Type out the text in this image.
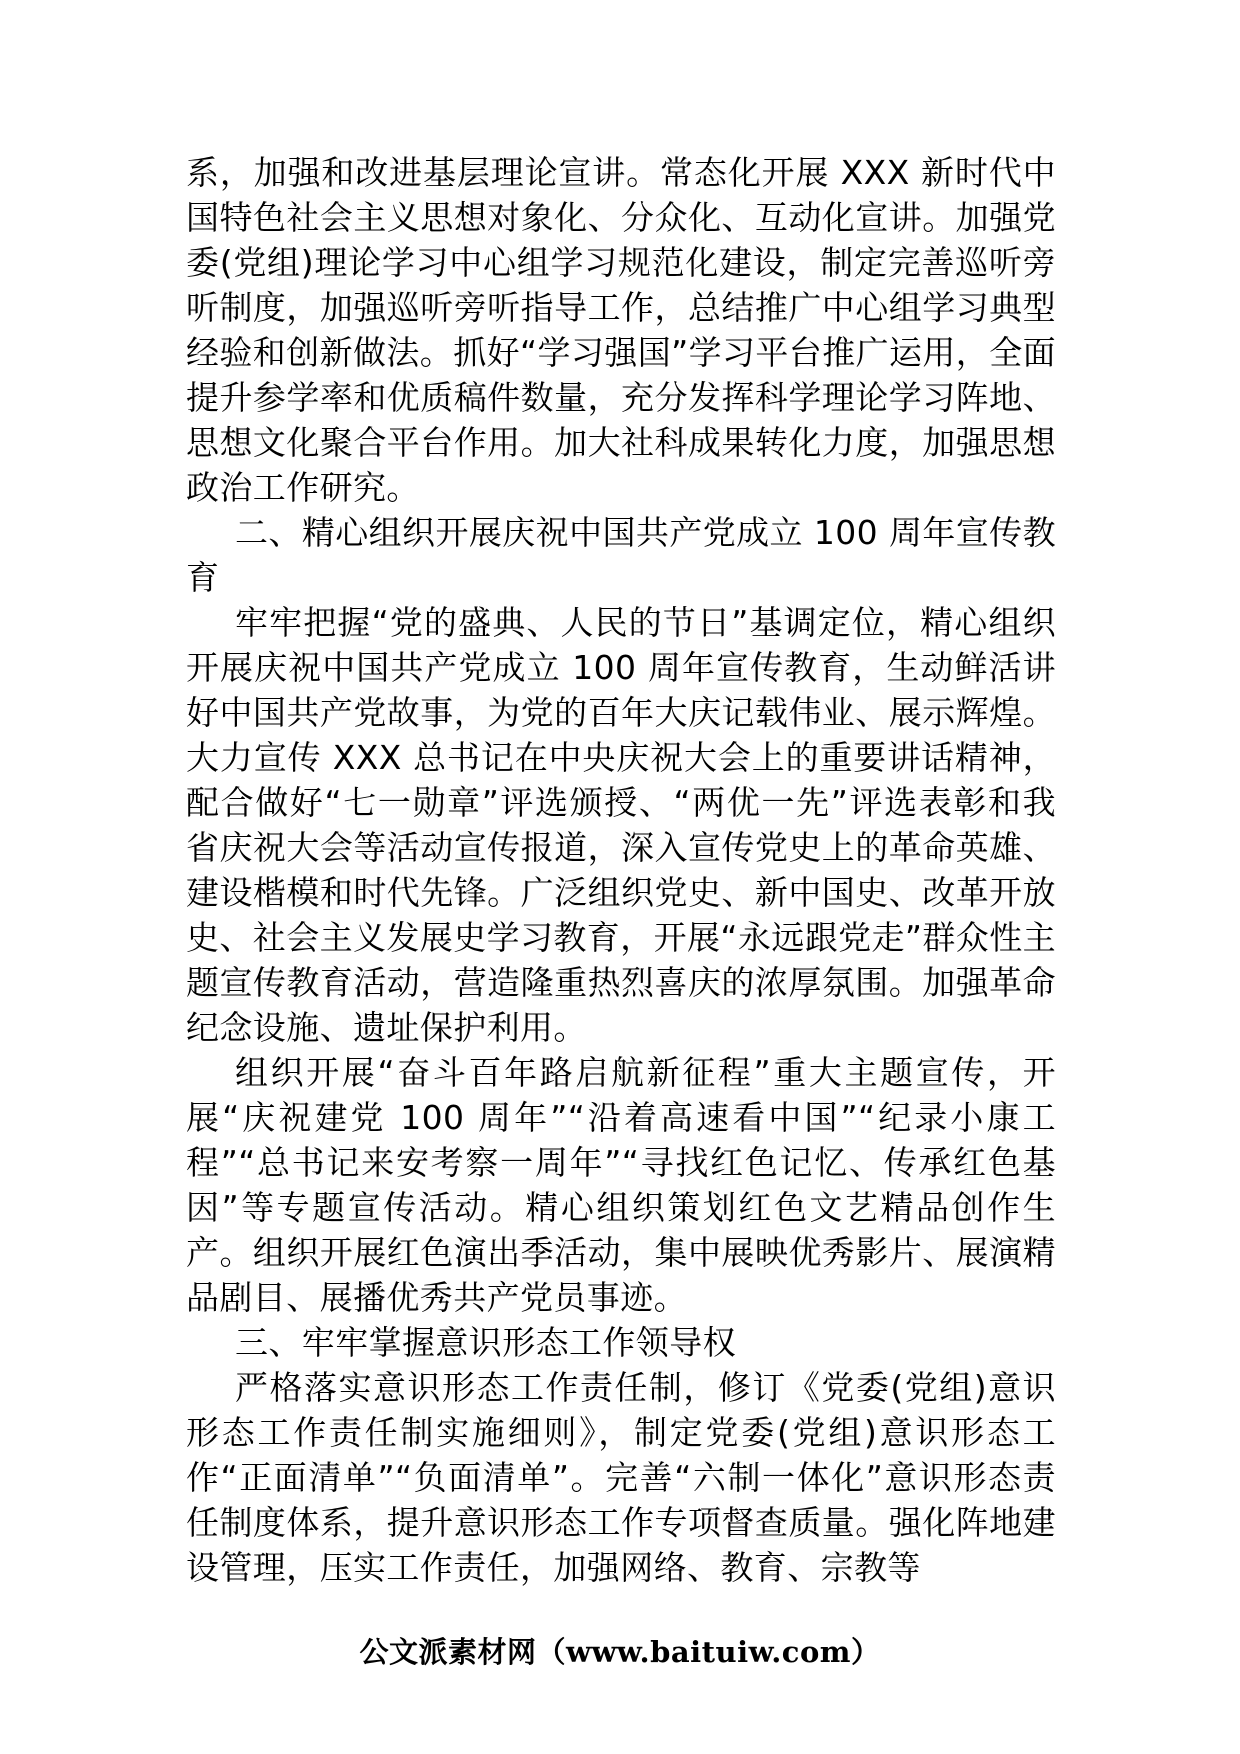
系，加强和改进基层理论宣讲。常态化开展 XXX 新时代中国特色社会主义思想对象化、分众化、互动化宣讲。加强党委(党组)理论学习中心组学习规范化建设，制定完善巡听旁听制度，加强巡听旁听指导工作，总结推广中心组学习典型经验和创新做法。抓好“学习强国”学习平台推广运用，全面提升参学率和优质稿件数量，充分发挥科学理论学习阵地、思想文化聚合平台作用。加大社科成果转化力度，加强思想政治工作研究。

二、精心组织开展庆祝中国共产党成立 100 周年宣传教育

牢牢把握“党的盛典、人民的节日”基调定位，精心组织开展庆祝中国共产党成立 100 周年宣传教育，生动鲜活讲好中国共产党故事，为党的百年大庆记载伟业、展示辉煌。大力宣传 XXX 总书记在中央庆祝大会上的重要讲话精神，配合做好“七一勋章”评选颁授、“两优一先”评选表彰和我省庆祝大会等活动宣传报道，深入宣传党史上的革命英雄、建设楷模和时代先锋。广泛组织党史、新中国史、改革开放史、社会主义发展史学习教育，开展“永远跟党走”群众性主题宣传教育活动，营造隆重热烈喜庆的浓厚氛围。加强革命纪念设施、遗址保护利用。

组织开展“奋斗百年路启航新征程”重大主题宣传，开展“庆祝建党 100 周年”“沿着高速看中国”“纪录小康工程”“总书记来安考察一周年”“寻找红色记忆、传承红色基因”等专题宣传活动。精心组织策划红色文艺精品创作生产。组织开展红色演出季活动，集中展映优秀影片、展演精品剧目、展播优秀共产党员事迹。

三、牢牢掌握意识形态工作领导权

严格落实意识形态工作责任制，修订《党委(党组)意识形态工作责任制实施细则》，制定党委(党组)意识形态工作“正面清单”“负面清单”。完善“六制一体化”意识形态责任制度体系，提升意识形态工作专项督查质量。强化阵地建设管理，压实工作责任，加强网络、教育、宗教等

公文派素材网（www.baituiw.com）
